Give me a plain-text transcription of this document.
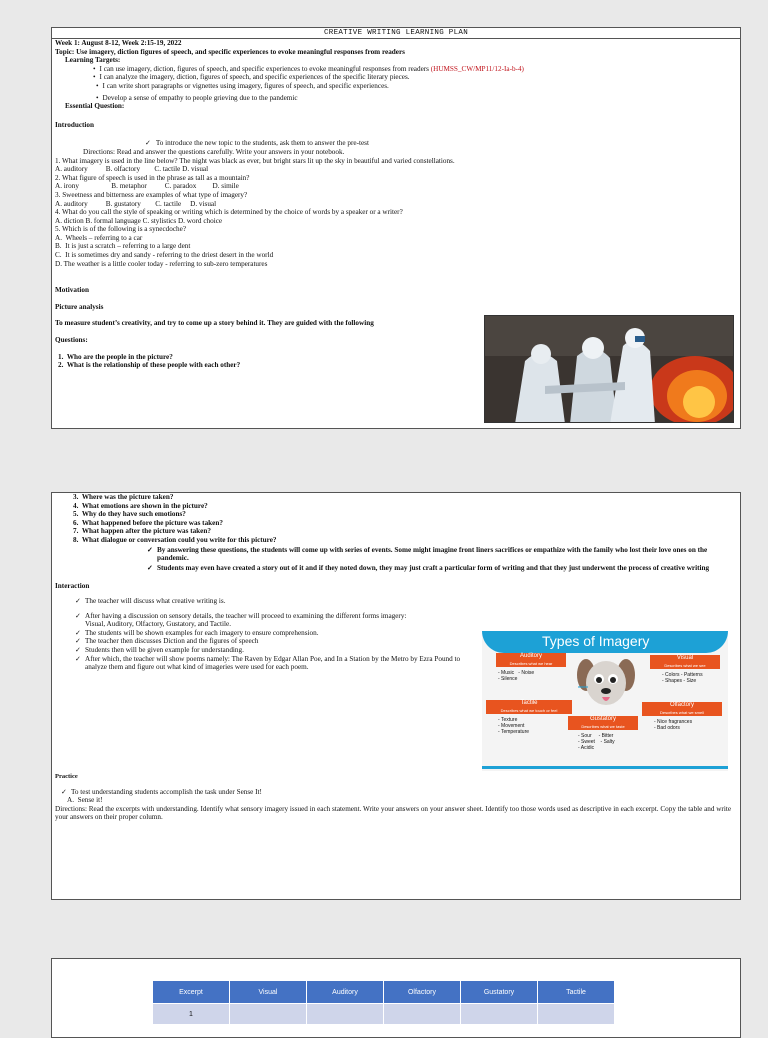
CREATIVE WRITING LEARNING PLAN
Week 1: August 8-12, Week 2:15-19, 2022
Topic: Use imagery, diction figures of speech, and specific experiences to evoke meaningful responses from readers
Learning Targets:
• I can use imagery, diction, figures of speech, and specific experiences to evoke meaningful responses from readers (HUMSS_CW/MP11/12-Ia-b-4)
• I can analyze the imagery, diction, figures of speech, and specific experiences of the specific literary pieces.
• I can write short paragraphs or vignettes using imagery, figures of speech, and specific experiences.
• Develop a sense of empathy to people grieving due to the pandemic
Essential Question:
Introduction
✓ To introduce the new topic to the students, ask them to answer the pre-test
Directions: Read and answer the questions carefully. Write your answers in your notebook.
1. What imagery is used in the line below? The night was black as ever, but bright stars lit up the sky in beautiful and varied constellations.
A. auditory          B. olfactory        C. tactile D. visual
2. What figure of speech is used in the phrase as tall as a mountain?
A. irony                  B. metaphor          C. paradox         D. simile
3. Sweetness and bitterness are examples of what type of imagery?
A. auditory          B. gustatory        C. tactile     D. visual
4. What do you call the style of speaking or writing which is determined by the choice of words by a speaker or a writer?
A. diction B. formal language C. stylistics D. word choice
5. Which is of the following is a synecdoche?
A.  Wheels – referring to a car
B.  It is just a scratch – referring to a large dent
C.  It is sometimes dry and sandy - referring to the driest desert in the world
D. The weather is a little cooler today - referring to sub-zero temperatures
Motivation
Picture analysis
To measure student’s creativity, and try to come up a story behind it. They are guided with the following
Questions:
1.  Who are the people in the picture?
2.  What is the relationship of these people with each other?
3.  Where was the picture taken?
4.  What emotions are shown in the picture?
5.  Why do they have such emotions?
6.  What happened before the picture was taken?
7.  What happen after the picture was taken?
8.  What dialogue or conversation could you write for this picture?
✓ By answering these questions, the students will come up with series of events. Some might imagine front liners sacrifices or empathize with the family who lost their love ones on the pandemic.
✓ Students may even have created a story out of it and if they noted down, they may just craft a particular form of writing and that they just underwent the process of creative writing
Interaction
✓ The teacher will discuss what creative writing is.
✓ After having a discussion on sensory details, the teacher will proceed to examining the different forms imagery:
Visual, Auditory, Olfactory, Gustatory, and Tactile.
✓ The students will be shown examples for each imagery to ensure comprehension.
✓ The teacher then discusses Diction and the figures of speech
✓ Students then will be given example for understanding.
✓ After which, the teacher will show poems namely: The Raven by Edgar Allan Poe, and In a Station by the Metro by Ezra Pound to analyze them and figure out what kind of imageries were used for each poem.
Types of Imagery
Auditory
Describes what we hear
- Music - Noise
- Silence
Visual
Describes what we see
- Colors - Patterns
- Shapes - Size
Tactile
Describes what we touch or feel
- Texture
- Movement
- Temperature
Gustatory
Describes what we taste
- Sour - Bitter
- Sweet - Salty
- Acidic
Olfactory
Describes what we smell
- Nice fragrances
- Bad odors
Practice
✓ To test understanding students accomplish the task under Sense It!
A.  Sense it!
Directions: Read the excerpts with understanding. Identify what sensory imagery issued in each statement. Write your answers on your answer sheet. Identify too those words used as descriptive in each excerpt. Copy the table and write your answers on their proper column.
Excerpt	Visual	Auditory	Olfactory	Gustatory	Tactile
1					
